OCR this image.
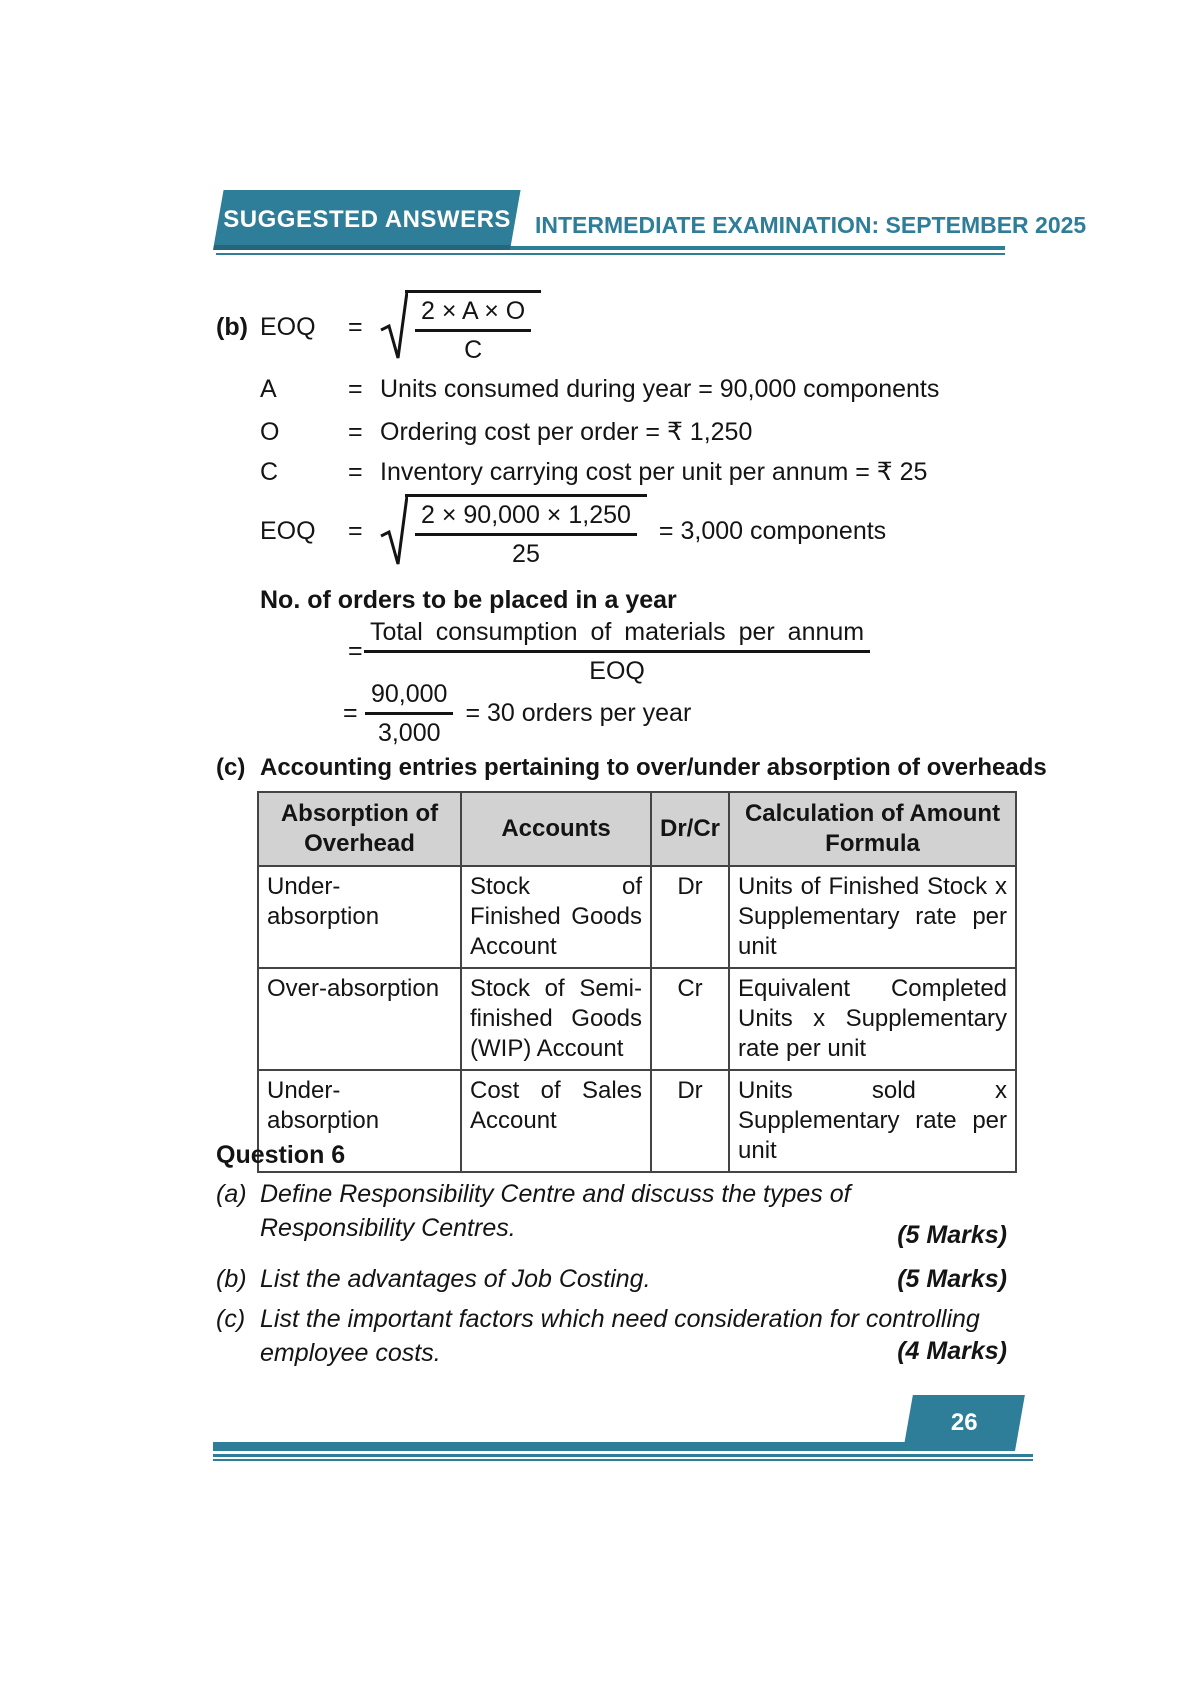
SUGGESTED ANSWERS INTERMEDIATE EXAMINATION: SEPTEMBER 2025
(b) EOQ	=	$\frac{2 \times A \times O}{C}$
A	= Units consumed during year = 90,000 components
O	= Ordering cost per order = ₹ 1,250
C	= Inventory carrying cost per unit per annum = ₹ 25
EOQ	=	$\frac{2 \times 90,000 \times 1,250}{25} = 3,000$ components
No. of orders to be placed in a year
=
Total consumption of materials per annum
EOQ
= $\frac{90,000}{3,000} = 30$ orders per year
(c) Accounting entries pertaining to over/under absorption of overheads
Absorption of Overhead	Accounts	Dr/Cr	Calculation of Amount Formula
Under-absorption	Stock of Finished Goods Account	Dr	Units of Finished Stock x Supplementary rate per unit
Over-absorption	Stock of Semi-finished Goods (WIP) Account	Cr	Equivalent Completed Units x Supplementary rate per unit
Under-absorption	Cost of Sales Account	Dr	Units sold x Supplementary rate per unit
Question 6
(a) Define Responsibility Centre and discuss the types of Responsibility Centres.	(5 Marks)
(b) List the advantages of Job Costing.	(5 Marks)
(c) List the important factors which need consideration for controlling employee costs.	(4 Marks)
26
